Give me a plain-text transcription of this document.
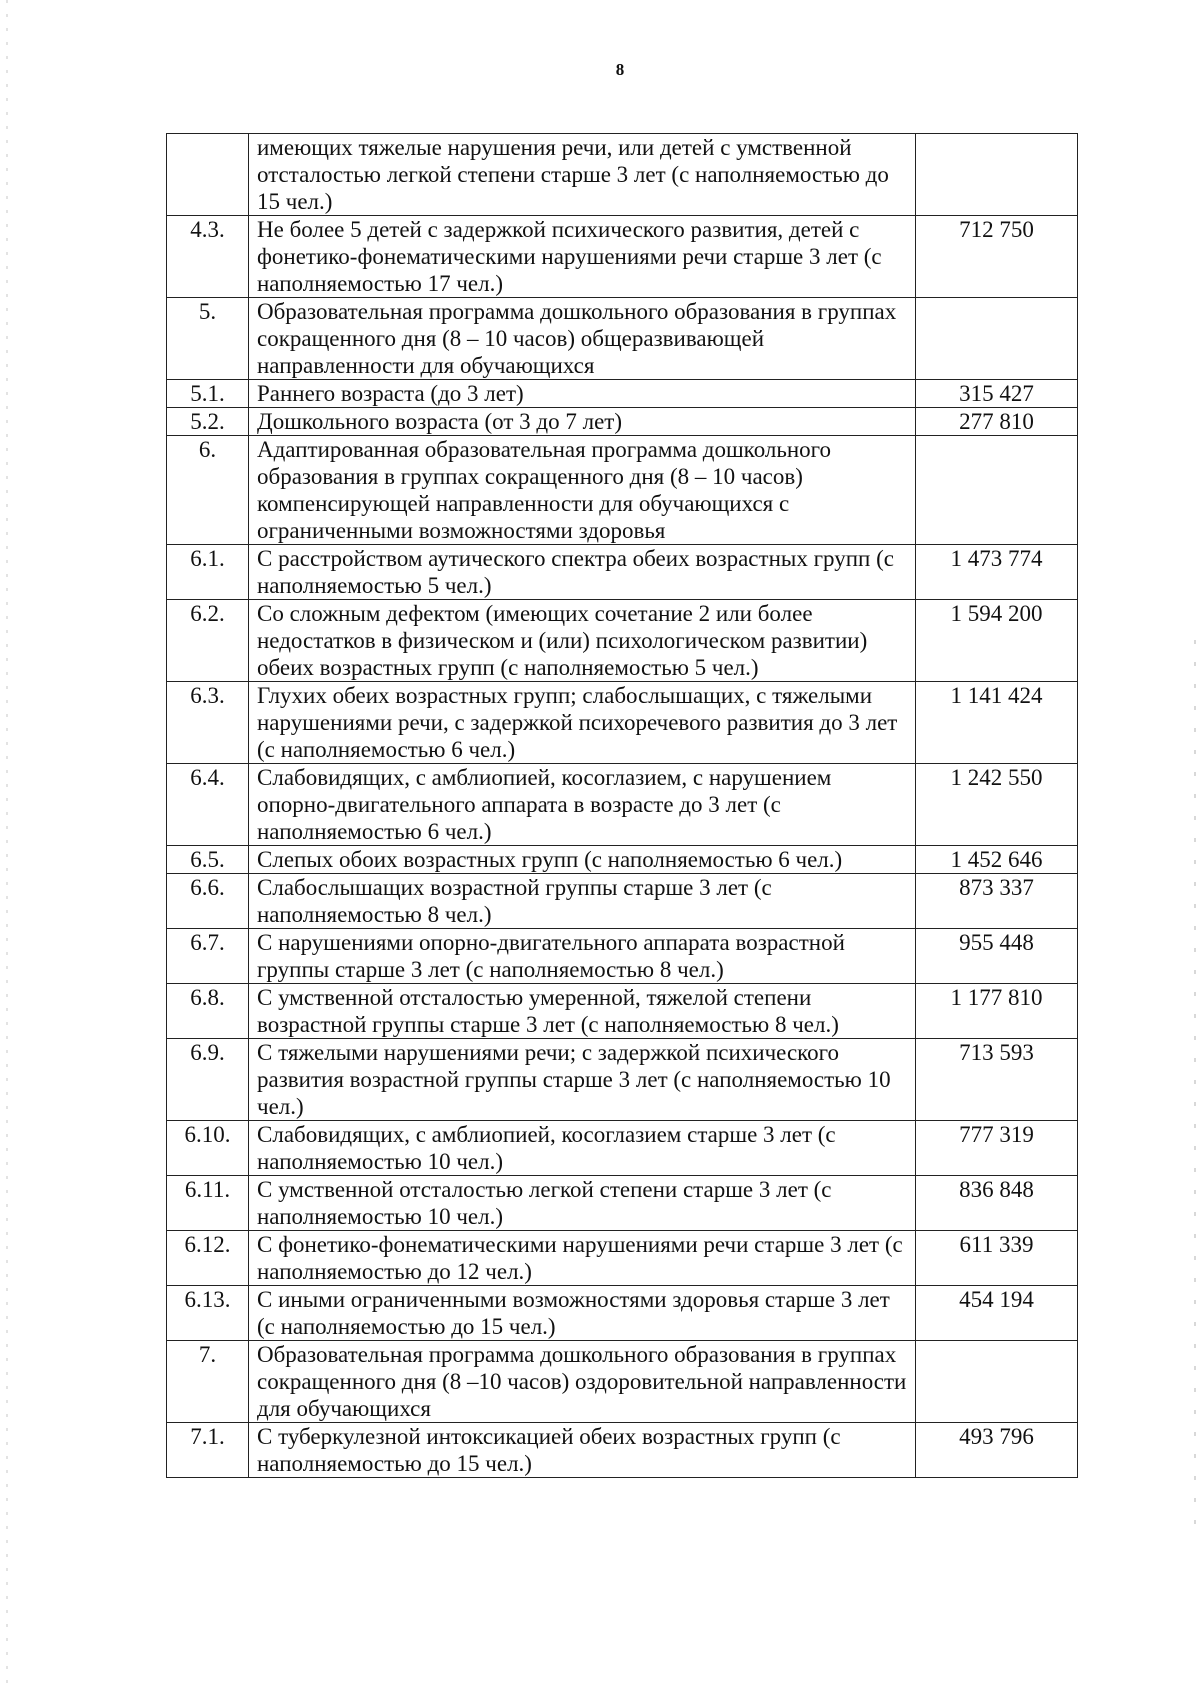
8
	имеющих тяжелые нарушения речи, или детей с умственной отсталостью легкой степени старше 3 лет (с наполняемостью до 15 чел.)	
4.3.	Не более 5 детей с задержкой психического развития, детей с фонетико-фонематическими нарушениями речи старше 3 лет (с наполняемостью 17 чел.)	712 750
5.	Образовательная программа дошкольного образования в группах сокращенного дня (8 – 10 часов) общеразвивающей направленности для обучающихся	
5.1.	Раннего возраста (до 3 лет)	315 427
5.2.	Дошкольного возраста (от 3 до 7 лет)	277 810
6.	Адаптированная образовательная программа дошкольного образования в группах сокращенного дня (8 – 10 часов) компенсирующей направленности для обучающихся с ограниченными возможностями здоровья	
6.1.	С расстройством аутического спектра обеих возрастных групп (с наполняемостью 5 чел.)	1 473 774
6.2.	Со сложным дефектом (имеющих сочетание 2 или более недостатков в физическом и (или) психологическом развитии) обеих возрастных групп (с наполняемостью 5 чел.)	1 594 200
6.3.	Глухих обеих возрастных групп; слабослышащих, с тяжелыми нарушениями речи, с задержкой психоречевого развития до 3 лет (с наполняемостью 6 чел.)	1 141 424
6.4.	Слабовидящих, с амблиопией, косоглазием, с нарушением опорно-двигательного аппарата в возрасте до 3 лет (с наполняемостью 6 чел.)	1 242 550
6.5.	Слепых обоих возрастных групп (с наполняемостью 6 чел.)	1 452 646
6.6.	Слабослышащих возрастной группы старше 3 лет (с наполняемостью 8 чел.)	873 337
6.7.	С нарушениями опорно-двигательного аппарата возрастной группы старше 3 лет (с наполняемостью 8 чел.)	955 448
6.8.	С умственной отсталостью умеренной, тяжелой степени возрастной группы старше 3 лет (с наполняемостью 8 чел.)	1 177 810
6.9.	С тяжелыми нарушениями речи; с задержкой психического развития возрастной группы старше 3 лет (с наполняемостью 10 чел.)	713 593
6.10.	Слабовидящих, с амблиопией, косоглазием старше 3 лет (с наполняемостью 10 чел.)	777 319
6.11.	С умственной отсталостью легкой степени старше 3 лет (с наполняемостью 10 чел.)	836 848
6.12.	С фонетико-фонематическими нарушениями речи старше 3 лет (с наполняемостью до 12 чел.)	611 339
6.13.	С иными ограниченными возможностями здоровья старше 3 лет (с наполняемостью до 15 чел.)	454 194
7.	Образовательная программа дошкольного образования в группах сокращенного дня (8 –10 часов) оздоровительной направленности для обучающихся	
7.1.	С туберкулезной интоксикацией обеих возрастных групп (с наполняемостью до 15 чел.)	493 796
